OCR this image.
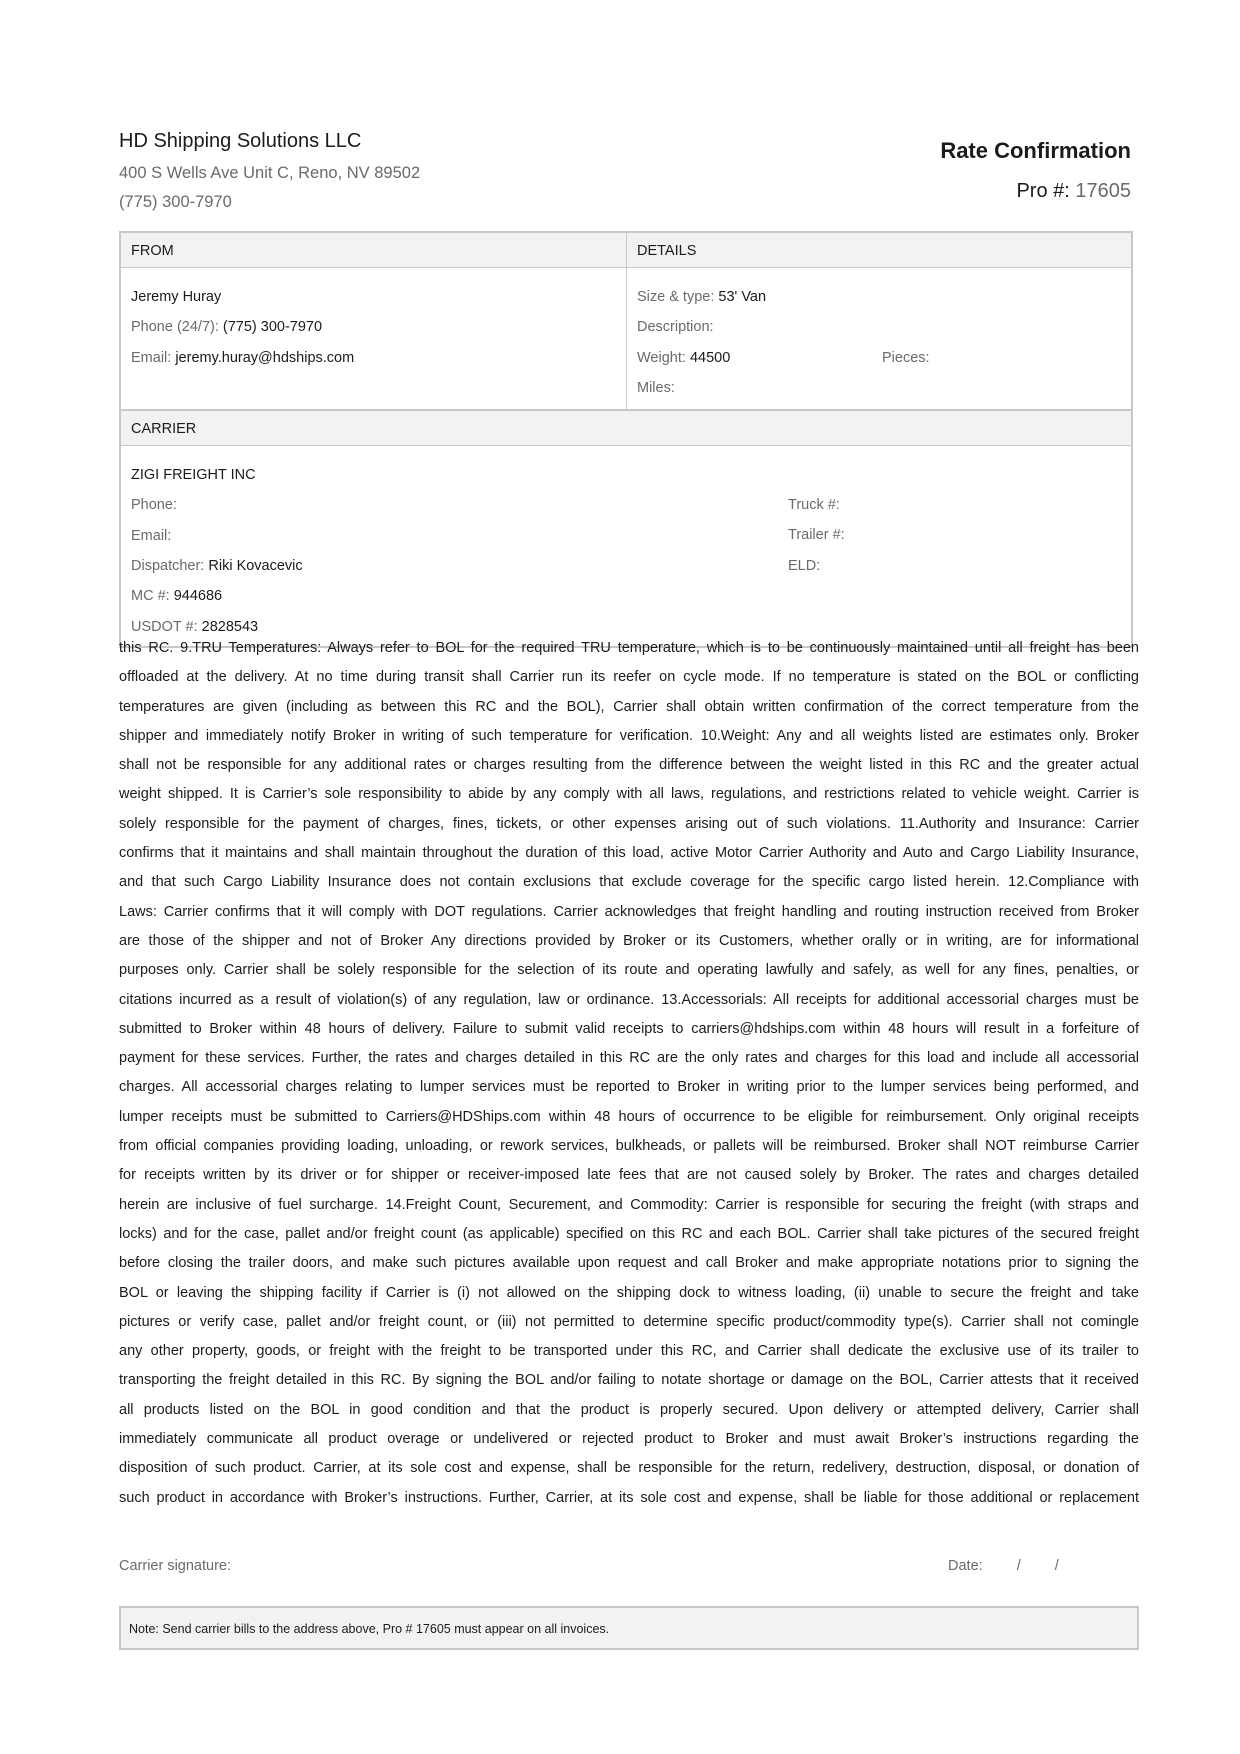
HD Shipping Solutions LLC
400 S Wells Ave Unit C, Reno, NV 89502
(775) 300-7970
Rate Confirmation
Pro #: 17605
FROM
Jeremy Huray
Phone (24/7): (775) 300-7970
Email: jeremy.huray@hdships.com
DETAILS
Size & type: 53' Van
Description:
Weight: 44500	Pieces:
Miles:
CARRIER
ZIGI FREIGHT INC
Phone:
Email:
Dispatcher: Riki Kovacevic
MC #: 944686
USDOT #: 2828543
Truck #:
Trailer #:
ELD:
this RC. 9.TRU Temperatures: Always refer to BOL for the required TRU temperature, which is to be continuously maintained until all freight has been
offloaded at the delivery. At no time during transit shall Carrier run its reefer on cycle mode. If no temperature is stated on the BOL or conflicting
temperatures are given (including as between this RC and the BOL), Carrier shall obtain written confirmation of the correct temperature from the
shipper and immediately notify Broker in writing of such temperature for verification. 10.Weight: Any and all weights listed are estimates only. Broker
shall not be responsible for any additional rates or charges resulting from the difference between the weight listed in this RC and the greater actual
weight shipped. It is Carrier’s sole responsibility to abide by any comply with all laws, regulations, and restrictions related to vehicle weight. Carrier is
solely responsible for the payment of charges, fines, tickets, or other expenses arising out of such violations. 11.Authority and Insurance: Carrier
confirms that it maintains and shall maintain throughout the duration of this load, active Motor Carrier Authority and Auto and Cargo Liability Insurance,
and that such Cargo Liability Insurance does not contain exclusions that exclude coverage for the specific cargo listed herein. 12.Compliance with
Laws: Carrier confirms that it will comply with DOT regulations. Carrier acknowledges that freight handling and routing instruction received from Broker
are those of the shipper and not of Broker Any directions provided by Broker or its Customers, whether orally or in writing, are for informational
purposes only. Carrier shall be solely responsible for the selection of its route and operating lawfully and safely, as well for any fines, penalties, or
citations incurred as a result of violation(s) of any regulation, law or ordinance. 13.Accessorials: All receipts for additional accessorial charges must be
submitted to Broker within 48 hours of delivery. Failure to submit valid receipts to carriers@hdships.com within 48 hours will result in a forfeiture of
payment for these services. Further, the rates and charges detailed in this RC are the only rates and charges for this load and include all accessorial
charges. All accessorial charges relating to lumper services must be reported to Broker in writing prior to the lumper services being performed, and
lumper receipts must be submitted to Carriers@HDShips.com within 48 hours of occurrence to be eligible for reimbursement. Only original receipts
from official companies providing loading, unloading, or rework services, bulkheads, or pallets will be reimbursed. Broker shall NOT reimburse Carrier
for receipts written by its driver or for shipper or receiver-imposed late fees that are not caused solely by Broker. The rates and charges detailed
herein are inclusive of fuel surcharge. 14.Freight Count, Securement, and Commodity: Carrier is responsible for securing the freight (with straps and
locks) and for the case, pallet and/or freight count (as applicable) specified on this RC and each BOL. Carrier shall take pictures of the secured freight
before closing the trailer doors, and make such pictures available upon request and call Broker and make appropriate notations prior to signing the
BOL or leaving the shipping facility if Carrier is (i) not allowed on the shipping dock to witness loading, (ii) unable to secure the freight and take
pictures or verify case, pallet and/or freight count, or (iii) not permitted to determine specific product/commodity type(s). Carrier shall not comingle
any other property, goods, or freight with the freight to be transported under this RC, and Carrier shall dedicate the exclusive use of its trailer to
transporting the freight detailed in this RC. By signing the BOL and/or failing to notate shortage or damage on the BOL, Carrier attests that it received
all products listed on the BOL in good condition and that the product is properly secured. Upon delivery or attempted delivery, Carrier shall
immediately communicate all product overage or undelivered or rejected product to Broker and must await Broker’s instructions regarding the
disposition of such product. Carrier, at its sole cost and expense, shall be responsible for the return, redelivery, destruction, disposal, or donation of
such product in accordance with Broker’s instructions. Further, Carrier, at its sole cost and expense, shall be liable for those additional or replacement
Carrier signature:	Date: / /
Note: Send carrier bills to the address above, Pro # 17605 must appear on all invoices.
